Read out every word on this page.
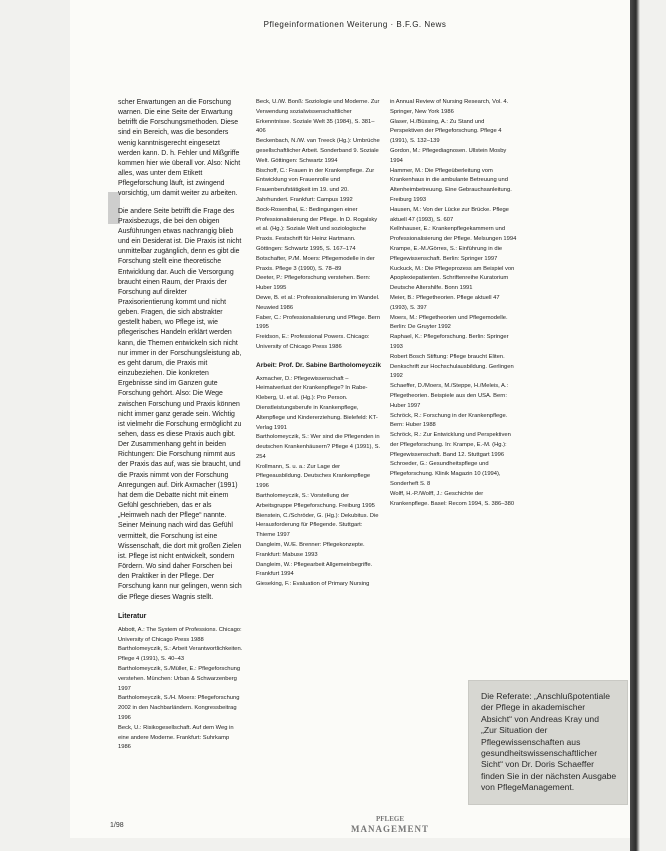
Pflegeinformationen Weiterung · B.F.G. News

scher Erwartungen an die Forschung warnen. Die eine Seite der Erwartung betrifft die Forschungsmethoden. Diese sind ein Bereich, was die besonders wenig kanntnisgerecht eingesetzt werden kann. D. h. Fehler und Mißgriffe kommen hier wie überall vor. Also: Nicht alles, was unter dem Etikett Pflegeforschung läuft, ist zwingend vorsichtig, um damit weiter zu arbeiten.

Die andere Seite betrifft die Frage des Praxisbezugs, die bei den obigen Ausführungen etwas nachrangig blieb und ein Desiderat ist. Die Praxis ist nicht unmittelbar zugänglich, denn es gibt die Forschung stellt eine theoretische Entwicklung dar. Auch die Versorgung braucht einen Raum, der Praxis der Forschung auf direkter Praxisorientierung kommt und nicht geben. Fragen, die sich abstrakter gestellt haben, wo Pflege ist, wie pflegerisches Handeln erklärt werden kann, die Themen entwickeln sich nicht nur immer in der Forschungsleistung ab, es geht darum, die Praxis mit einzubeziehen. Die konkreten Ergebnisse sind im Ganzen gute Forschung gehört. Also: Die Wege zwischen Forschung und Praxis können nicht immer ganz gerade sein. Wichtig ist vielmehr die Forschung ermöglicht zu sehen, dass es diese Praxis auch gibt. Der Zusammenhang geht in beiden Richtungen: Die Forschung nimmt aus der Praxis das auf, was sie braucht, und die Praxis nimmt von der Forschung Anregungen auf. Dirk Axmacher (1991) hat dem die Debatte nicht mit einem Gefühl geschrieben, das er als „Heimweh nach der Pflege“ nannte. Seiner Meinung nach wird das Gefühl vermittelt, die Forschung ist eine Wissenschaft, die dort mit großen Zielen ist. Pflege ist nicht entwickelt, sondern Fördern. Wo sind daher Forschen bei den Praktiker in der Pflege. Der Forschung kann nur gelingen, wenn sich die Pflege dieses Wagnis stellt.

Literatur
Abbott, A.: The System of Professions. Chicago: University of Chicago Press 1988
Bartholomeyczik, S.: Arbeit Verantwortlichkeiten. Pflege 4 (1991), S. 40–43
Bartholomeyczik, S./Müller, E.: Pflegeforschung verstehen. München: Urban & Schwarzenberg 1997
Bartholomeyczik, S./H. Moers: Pflegeforschung 2002 in den Nachbarländern. Kongressbeitrag 1996
Beck, U.: Risikogesellschaft. Auf dem Weg in eine andere Moderne. Frankfurt: Suhrkamp 1986
Beck, U./W. Bonß: Soziologie und Moderne. Zur Verwendung sozialwissenschaftlicher Erkenntnisse. Soziale Welt 35 (1984), S. 381–406
Beckenbach, N./W. van Treeck (Hg.): Umbrüche gesellschaftlicher Arbeit. Sonderband 9. Soziale Welt. Göttingen: Schwartz 1994
Bischoff, C.: Frauen in der Krankenpflege. Zur Entwicklung von Frauenrolle und Frauenberufstätigkeit im 19. und 20. Jahrhundert. Frankfurt: Campus 1992
Bock-Rosenthal, E.: Bedingungen einer Professionalisierung der Pflege. In D. Rogalsky et al. (Hg.): Soziale Welt und soziologische Praxis. Festschrift für Heinz Hartmann. Göttingen: Schwartz 1995, S. 167–174
Botschafter, P./M. Moers: Pflegemodelle in der Praxis. Pflege 3 (1990), S. 78–89
Deeter, P.: Pflegeforschung verstehen. Bern: Huber 1995
Dewe, B. et al.: Professionalisierung im Wandel. Neuwied 1986
Faber, C.: Professionalisierung und Pflege. Bern 1995
Freidson, E.: Professional Powers. Chicago: University of Chicago Press 1986
Arbeit: Prof. Dr. Sabine Bartholomeyczik
Axmacher, D.: Pflegewissenschaft – Heimatverlust der Krankenpflege? In Rabe-Kleberg, U. et al. (Hg.): Pro Person. Dienstleistungsberufe in Krankenpflege, Altenpflege und Kindererziehung. Bielefeld: KT-Verlag 1991
Bartholomeyczik, S.: Wer sind die Pflegenden in deutschen Krankenhäusern? Pflege 4 (1991), S. 254
Krollmann, S. u. a.: Zur Lage der Pflegeausbildung. Deutsches Krankenpflege 1996
Bartholomeyczik, S.: Vorstellung der Arbeitsgruppe Pflegeforschung. Freiburg 1995
Bienstein, C./Schröder, G. (Hg.): Dekubitus. Die Herausforderung für Pflegende. Stuttgart: Thieme 1997
Dangleim, W./E. Brenner: Pflegekonzepte. Frankfurt: Mabuse 1993
Dangleim, W.: Pflegearbeit Allgemeinbegriffe. Frankfurt 1994
Gieseking, F.: Evaluation of Primary Nursing
in Annual Review of Nursing Research, Vol. 4. Springer, New York 1986
Glaser, H./Büssing, A.: Zu Stand und Perspektiven der Pflegeforschung. Pflege 4 (1991), S. 132–139
Gordon, M.: Pflegediagnosen. Ullstein Mosby 1994
Hammer, M.: Die Pflegeüberleitung vom Krankenhaus in die ambulante Betreuung und Altenheimbetreuung. Eine Gebrauchsanleitung. Freiburg 1993
Hausen, M.: Von der Lücke zur Brücke. Pflege aktuell 47 (1993), S. 607
Kellnhauser, E.: Krankenpflegekammern und Professionalisierung der Pflege. Melsungen 1994
Krampe, E.-M./Görres, S.: Einführung in die Pflegewissenschaft. Berlin: Springer 1997
Kuckuck, M.: Die Pflegeprozess am Beispiel von Apoplexiepatienten. Schriftenreihe Kuratorium Deutsche Altershilfe. Bonn 1991
Meier, B.: Pflegetheorien. Pflege aktuell 47 (1993), S. 397
Moers, M.: Pflegetheorien und Pflegemodelle. Berlin: De Gruyter 1992
Raphael, K.: Pflegeforschung. Berlin: Springer 1993
Robert Bosch Stiftung: Pflege braucht Eliten. Denkschrift zur Hochschulausbildung. Gerlingen 1992
Schaeffer, D./Moers, M./Steppe, H./Meleis, A.: Pflegetheorien. Beispiele aus den USA. Bern: Huber 1997
Schröck, R.: Forschung in der Krankenpflege. Bern: Huber 1988
Schröck, R.: Zur Entwicklung und Perspektiven der Pflegeforschung. In: Krampe, E.-M. (Hg.): Pflegewissenschaft. Band 12. Stuttgart 1996
Schroeder, G.: Gesundheitspflege und Pflegeforschung. Klinik Magazin 10 (1994), Sonderheft S. 8
Wolff, H.-P./Wolff, J.: Geschichte der Krankenpflege. Basel: Recom 1994, S. 386–380
Die Referate: „Anschlußpotentiale der Pflege in akademischer Absicht“ von Andreas Kray und „Zur Situation der Pflegewissenschaften aus gesundheitswissenschaftlicher Sicht“ von Dr. Doris Schaeffer finden Sie in der nächsten Ausgabe von PflegeManagement.
1/98
PFLEGE
MANAGEMENT
